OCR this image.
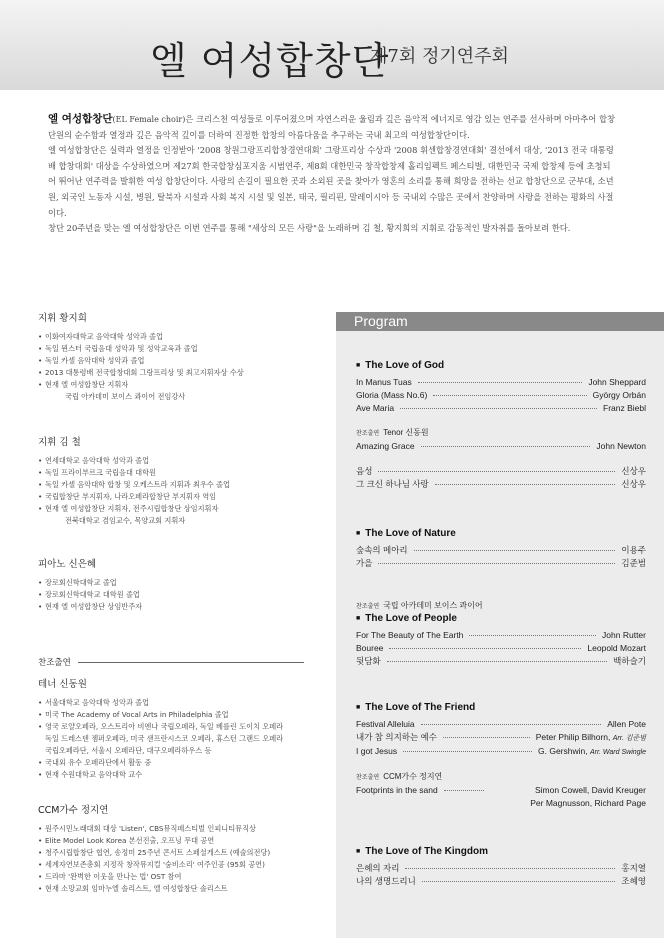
엘 여성합창단
제7회 정기연주회

엘 여성합창단(EL Female choir)은 크리스천 여성들로 이루어졌으며 자연스러운 울림과 깊은 음악적 에너지로 영감 있는 연주를 선사하며 아마추어 합창단원의 순수함과 열정과 깊은 음악적 깊이를 더하여 진정한 합창의 아름다움을 추구하는 국내 최고의 여성합창단이다.

엘 여성합창단은 실력과 열정을 인정받아 '2008 창원그랑프리합창경연대회' 그랑프리상 수상과 '2008 휘센합창경연대회' 결선에서 대상, '2013 전국 대통령배 합창대회' 대상을 수상하였으며 제27회 한국합창심포지움 시범연주, 제8회 대한민국 창작합창제 홀리임펙트 페스티벌, 대한민국 국제 합창제 등에 초청되어 뛰어난 연주력을 발휘한 여성 합창단이다. 사랑의 손길이 필요한 곳과 소외된 곳을 찾아가 영혼의 소리를 통해 희망을 전하는 선교 합창단으로 군부대, 소년원, 외국인 노동자 시설, 병원, 탈북자 시설과 사회 복지 시설 및 일본, 태국, 필리핀, 말레이시아 등 국내외 수많은 곳에서 찬양하며 사랑을 전하는 평화의 사절이다.

창단 20주년을 맞는 엘 여성합창단은 이번 연주를 통해 "세상의 모든 사랑"을 노래하며 김 철, 황지희의 지휘로 감동적인 발자취를 돌아보려 한다.

지휘 황지희
• 이화여자대학교 음악대학 성악과 졸업
• 독일 뮌스터 국립음대 성악과 및 성악교육과 졸업
• 독일 카셀 음악대학 성악과 졸업
• 2013 대통령배 전국합창대회 그랑프리상 및 최고지휘자상 수상
• 현재 엘 여성합창단 지휘자
국립 아카데미 보이스 콰이어 전임강사
지휘 김 철
• 연세대학교 음악대학 성악과 졸업
• 독일 프라이부르크 국립음대 대학원
• 독일 카셀 음악대학 합창 및 오케스트라 지휘과 최우수 졸업
• 국립합창단 부지휘자, 나라오페라합창단 부지휘자 역임
• 현재 엘 여성합창단 지휘자, 전주시립합창단 상임지휘자
전북대학교 겸임교수, 목양교회 지휘자
피아노 신은혜
• 장로회신학대학교 졸업
• 장로회신학대학교 대학원 졸업
• 현재 엘 여성합창단 상임반주자
찬조출연
테너 신동원
• 서울대학교 음악대학 성악과 졸업
• 미국 The Academy of Vocal Arts in Philadelphia 졸업
• 영국 로얄오페라, 오스트리아 비엔나 국립오페라, 독일 베를린 도이치 오페라
독일 드레스덴 젬퍼오페라, 미국 샌프란시스코 오페라, 휴스턴 그랜드 오페라
국립오페라단, 서울시 오페라단, 대구오페라하우스 등
• 국내외 유수 오페라단에서 활동 중
• 현재 수원대학교 음악대학 교수
CCM가수 정지연
• 원주시민노래대회 대상 'Listen', CBS뮤직페스티벌 인피니티뮤직상
• Elite Model Look Korea 본선진출, 오프닝 무대 공연
• 청주시립합창단 협연, 송정미 25주년 콘서트 스페셜게스트 (예술의전당)
• 세계자연보존총회 지정작 창작뮤지컬 '숨비소리' 여주인공 (95회 공연)
• 드라마 '완벽한 이웃을 만나는 법' OST 참여
• 현재 소망교회 임마누엘 솔리스트, 엘 여성합창단 솔리스트
Program
■ The Love of God
In Manus Tuas	John Sheppard
Gloria (Mass No.6)	György Orbán
Ave Maria	Franz Biebl
찬조출연 Tenor 신동원
Amazing Grace	John Newton
음성	신상우
그 크신 하나님 사랑	신상우
■ The Love of Nature
숲속의 메아리	이용주
가을	김준범
찬조출연 국립 아카데미 보이스 콰이어
■ The Love of People
For The Beauty of The Earth	John Rutter
Bouree	Leopold Mozart
뒷담화	백하슬기
■ The Love of The Friend
Festival Alleluia	Allen Pote
내가 참 의지하는 예수	Peter Philip Bilhorn, Arr. 김준범
I got Jesus	G. Gershwin, Arr. Ward Swingle
찬조출연 CCM가수 정지연
Footprints in the sand	Simon Cowell, David Kreuger
Per Magnusson, Richard Page
■ The Love of The Kingdom
은혜의 자리	홍지열
나의 생명드리니	조혜영
